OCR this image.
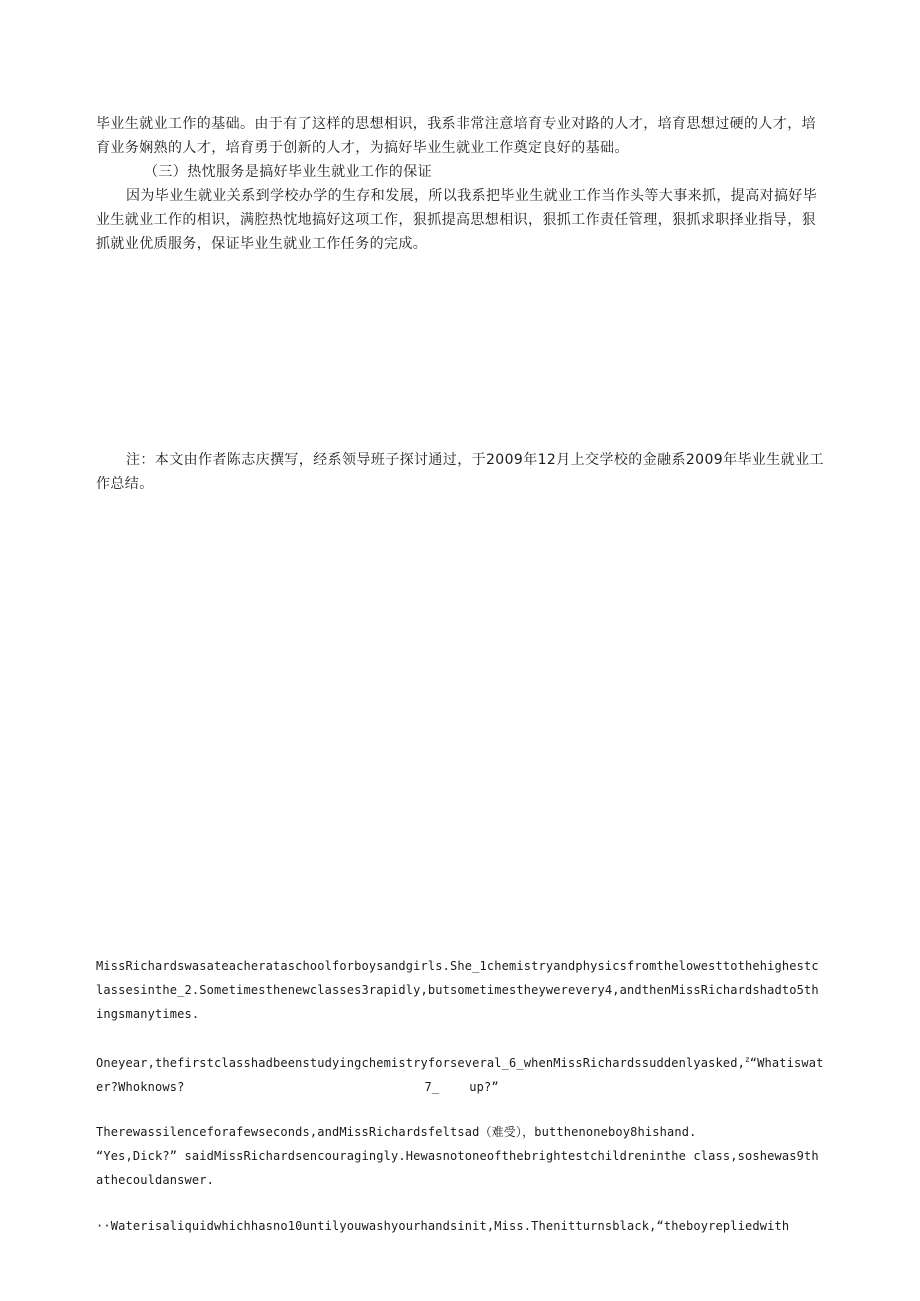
毕业生就业工作的基础。由于有了这样的思想相识，我系非常注意培育专业对路的人才，培育思想过硬的人才，培育业务娴熟的人才，培育勇于创新的人才，为搞好毕业生就业工作奠定良好的基础。

（三）热忱服务是搞好毕业生就业工作的保证

因为毕业生就业关系到学校办学的生存和发展，所以我系把毕业生就业工作当作头等大事来抓，提高对搞好毕业生就业工作的相识，满腔热忱地搞好这项工作，狠抓提高思想相识，狠抓工作责任管理，狠抓求职择业指导，狠抓就业优质服务，保证毕业生就业工作任务的完成。

注：本文由作者陈志庆撰写，经系领导班子探讨通过，于2009年12月上交学校的金融系2009年毕业生就业工作总结。

MissRichardswasateacherataschoolforboysandgirls.She_1chemistryandphysicsfromthelowesttothehighestclassesinthe_2.Sometimesthenewclasses3rapidly,butsometimestheywerevery4,andthenMissRichardshadto5thingsmanytimes.

Oneyear,thefirstclasshadbeenstudyingchemistryforseveral_6_whenMissRichardssuddenlyasked,$^z$“Whatiswater?Whoknows?	7_	up?”

Therewassilenceforafewseconds,andMissRichardsfeltsad（难受），butthenoneboy8hishand.

“Yes,Dick?” saidMissRichardsencouragingly.Hewasnotoneofthebrightestchildreninthe class,soshewas9thathecouldanswer.

··Waterisaliquidwhichhasno10untilyouwashyourhandsinit,Miss.Thenitturnsblack,“theboyrepliedwith
